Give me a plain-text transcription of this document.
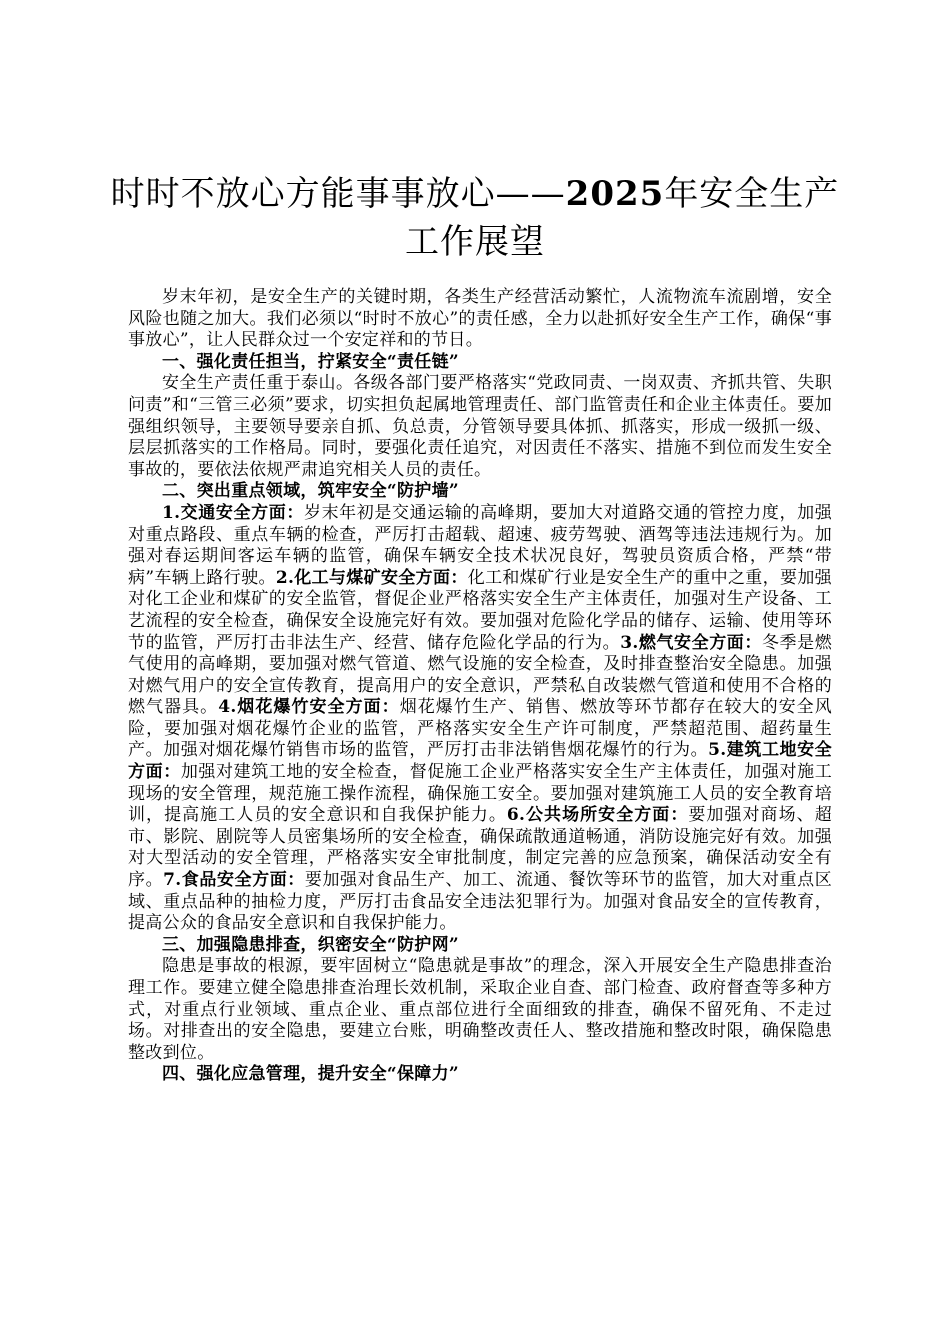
时时不放心方能事事放心——2025年安全生产工作展望

岁末年初，是安全生产的关键时期，各类生产经营活动繁忙，人流物流车流剧增，安全风险也随之加大。我们必须以“时时不放心”的责任感，全力以赴抓好安全生产工作，确保“事事放心”，让人民群众过一个安定祥和的节日。

一、强化责任担当，拧紧安全“责任链”

安全生产责任重于泰山。各级各部门要严格落实“党政同责、一岗双责、齐抓共管、失职问责”和“三管三必须”要求，切实担负起属地管理责任、部门监管责任和企业主体责任。要加强组织领导，主要领导要亲自抓、负总责，分管领导要具体抓、抓落实，形成一级抓一级、层层抓落实的工作格局。同时，要强化责任追究，对因责任不落实、措施不到位而发生安全事故的，要依法依规严肃追究相关人员的责任。

二、突出重点领域，筑牢安全“防护墙”

1.交通安全方面：岁末年初是交通运输的高峰期，要加大对道路交通的管控力度，加强对重点路段、重点车辆的检查，严厉打击超载、超速、疲劳驾驶、酒驾等违法违规行为。加强对春运期间客运车辆的监管，确保车辆安全技术状况良好，驾驶员资质合格，严禁“带病”车辆上路行驶。2.化工与煤矿安全方面：化工和煤矿行业是安全生产的重中之重，要加强对化工企业和煤矿的安全监管，督促企业严格落实安全生产主体责任，加强对生产设备、工艺流程的安全检查，确保安全设施完好有效。要加强对危险化学品的储存、运输、使用等环节的监管，严厉打击非法生产、经营、储存危险化学品的行为。3.燃气安全方面：冬季是燃气使用的高峰期，要加强对燃气管道、燃气设施的安全检查，及时排查整治安全隐患。加强对燃气用户的安全宣传教育，提高用户的安全意识，严禁私自改装燃气管道和使用不合格的燃气器具。4.烟花爆竹安全方面：烟花爆竹生产、销售、燃放等环节都存在较大的安全风险，要加强对烟花爆竹企业的监管，严格落实安全生产许可制度，严禁超范围、超药量生产。加强对烟花爆竹销售市场的监管，严厉打击非法销售烟花爆竹的行为。5.建筑工地安全方面：加强对建筑工地的安全检查，督促施工企业严格落实安全生产主体责任，加强对施工现场的安全管理，规范施工操作流程，确保施工安全。要加强对建筑施工人员的安全教育培训，提高施工人员的安全意识和自我保护能力。6.公共场所安全方面：要加强对商场、超市、影院、剧院等人员密集场所的安全检查，确保疏散通道畅通，消防设施完好有效。加强对大型活动的安全管理，严格落实安全审批制度，制定完善的应急预案，确保活动安全有序。7.食品安全方面：要加强对食品生产、加工、流通、餐饮等环节的监管，加大对重点区域、重点品种的抽检力度，严厉打击食品安全违法犯罪行为。加强对食品安全的宣传教育，提高公众的食品安全意识和自我保护能力。

三、加强隐患排查，织密安全“防护网”

隐患是事故的根源，要牢固树立“隐患就是事故”的理念，深入开展安全生产隐患排查治理工作。要建立健全隐患排查治理长效机制，采取企业自查、部门检查、政府督查等多种方式，对重点行业领域、重点企业、重点部位进行全面细致的排查，确保不留死角、不走过场。对排查出的安全隐患，要建立台账，明确整改责任人、整改措施和整改时限，确保隐患整改到位。

四、强化应急管理，提升安全“保障力”
